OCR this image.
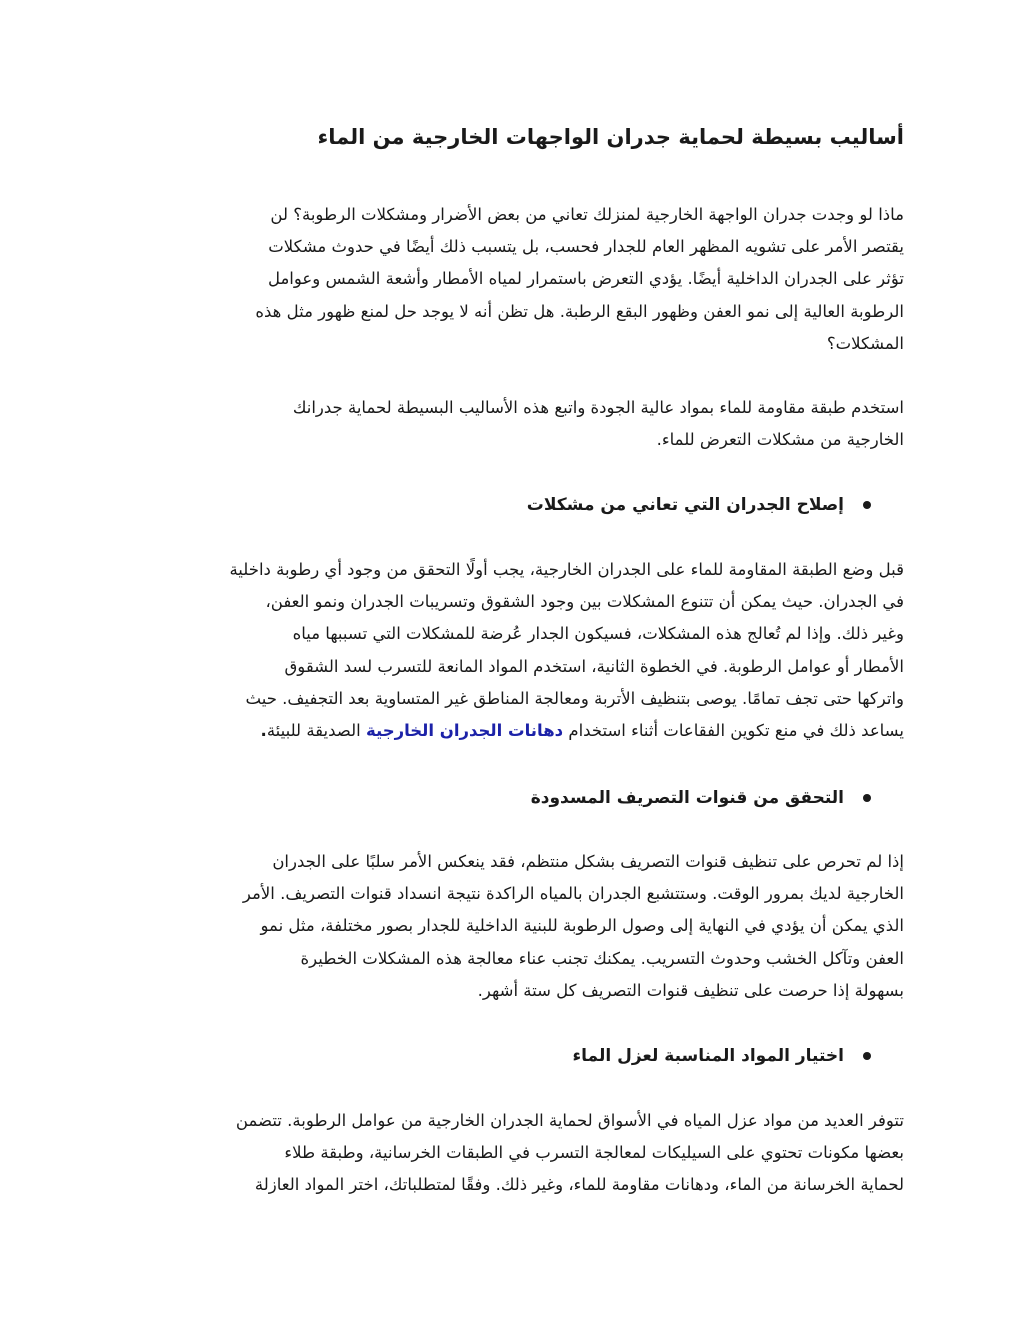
أساليب بسيطة لحماية جدران الواجهات الخارجية من الماء
ماذا لو وجدت جدران الواجهة الخارجية لمنزلك تعاني من بعض الأضرار ومشكلات الرطوبة؟ لن
يقتصر الأمر على تشويه المظهر العام للجدار فحسب، بل يتسبب ذلك أيضًا في حدوث مشكلات
تؤثر على الجدران الداخلية أيضًا. يؤدي التعرض باستمرار لمياه الأمطار وأشعة الشمس وعوامل
الرطوبة العالية إلى نمو العفن وظهور البقع الرطبة. هل تظن أنه لا يوجد حل لمنع ظهور مثل هذه
المشكلات؟
استخدم طبقة مقاومة للماء بمواد عالية الجودة واتبع هذه الأساليب البسيطة لحماية جدرانك
الخارجية من مشكلات التعرض للماء.
إصلاح الجدران التي تعاني من مشكلات
قبل وضع الطبقة المقاومة للماء على الجدران الخارجية، يجب أولًا التحقق من وجود أي رطوبة داخلية
في الجدران. حيث يمكن أن تتنوع المشكلات بين وجود الشقوق وتسريبات الجدران ونمو العفن،
وغير ذلك. وإذا لم تُعالج هذه المشكلات، فسيكون الجدار عُرضة للمشكلات التي تسببها مياه
الأمطار أو عوامل الرطوبة. في الخطوة الثانية، استخدم المواد المانعة للتسرب لسد الشقوق
واتركها حتى تجف تمامًا. يوصى بتنظيف الأتربة ومعالجة المناطق غير المتساوية بعد التجفيف. حيث
يساعد ذلك في منع تكوين الفقاعات أثناء استخدام دهانات الجدران الخارجية الصديقة للبيئة.
التحقق من قنوات التصريف المسدودة
إذا لم تحرص على تنظيف قنوات التصريف بشكل منتظم، فقد ينعكس الأمر سلبًا على الجدران
الخارجية لديك بمرور الوقت. وستتشبع الجدران بالمياه الراكدة نتيجة انسداد قنوات التصريف. الأمر
الذي يمكن أن يؤدي في النهاية إلى وصول الرطوبة للبنية الداخلية للجدار بصور مختلفة، مثل نمو
العفن وتآكل الخشب وحدوث التسريب. يمكنك تجنب عناء معالجة هذه المشكلات الخطيرة
بسهولة إذا حرصت على تنظيف قنوات التصريف كل ستة أشهر.
اختيار المواد المناسبة لعزل الماء
تتوفر العديد من مواد عزل المياه في الأسواق لحماية الجدران الخارجية من عوامل الرطوبة. تتضمن
بعضها مكونات تحتوي على السيليكات لمعالجة التسرب في الطبقات الخرسانية، وطبقة طلاء
لحماية الخرسانة من الماء، ودهانات مقاومة للماء، وغير ذلك. وفقًا لمتطلباتك، اختر المواد العازلة
